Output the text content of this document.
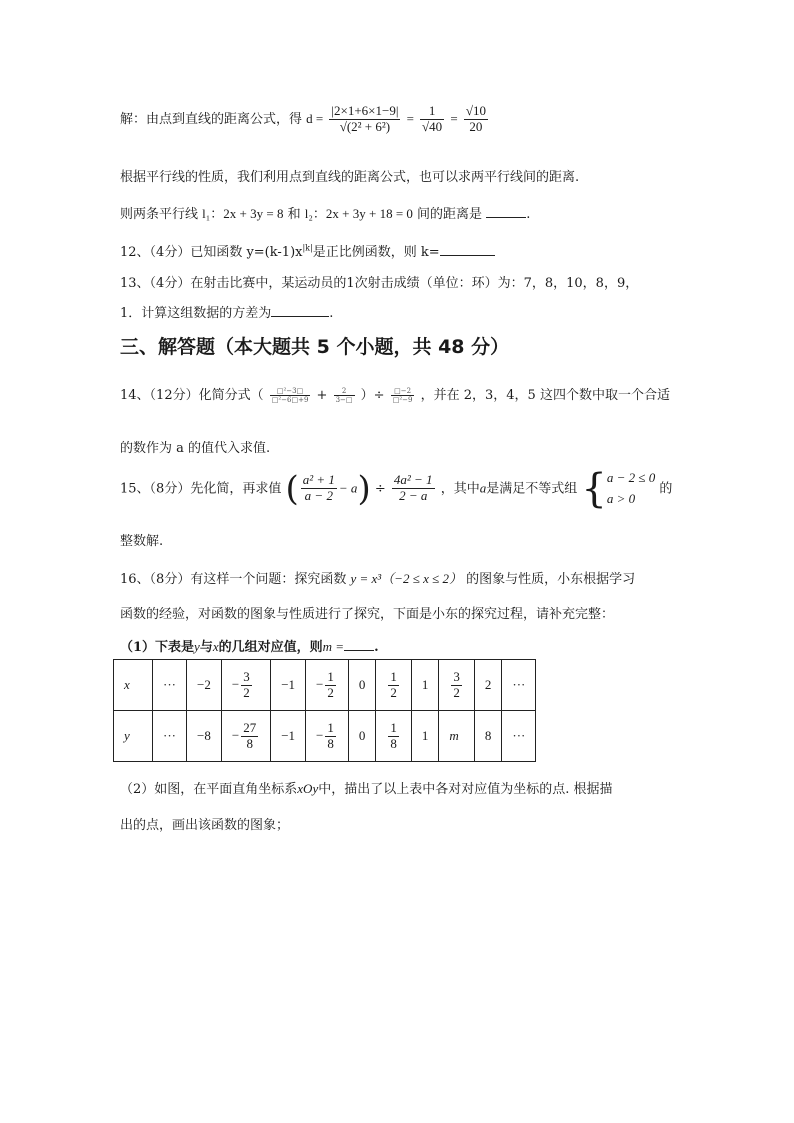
解：由点到直线的距离公式，得 $d = \frac{|2\times 1+6\times 1-9|}{\text{√(2² + 6²)}} = \frac{1}{√40} = \frac{√10}{20}$
根据平行线的性质，我们利用点到直线的距离公式，也可以求两平行线间的距离.
则两条平行线 l₁：2x + 3y = 8 和 l₂：2x + 3y + 18 = 0 间的距离是	.
12、（4分）已知函数 $y=(k-1)x^{|k|}$是正比例函数，则 k=
13、（4分）在射击比赛中，某运动员的1次射击成绩（单位：环）为：7，8，10，8，9，
1．计算这组数据的方差为	.
三、解答题（本大题共 5 个小题，共 48 分）
14、（12分）化简分式（ $\frac{\text{□²−3□}}{\text{□²−6□+9}} + \frac{2}{3-□}$ ）÷ $\frac{□-2}{\text{□²−9}}$ ，并在 2，3，4，5 这四个数中取一个合适
的数作为 a 的值代入求值.
15、（8分）先化简，再求值 ( $\frac{\text{a² + 1}}{a - 2} - a) \div \frac{\text{4a² − 1}}{2 - a}$ ，其中a是满足不等式组 { a − 2 ≤ 0
a > 0
的
整数解.
16、（8分）有这样一个问题：探究函数 y = x³（−2 ≤ x ≤ 2） 的图象与性质，小东根据学习
函数的经验，对函数的图象与性质进行了探究，下面是小东的探究过程，请补充完整：
（1）下表是y与x的几组对应值，则m = .
x	···	−2	− $\frac{3}{2}$	−1	− $\frac{1}{2}$	0	$\frac{1}{2}$	1	$\frac{3}{2}$	2	···
y	···	−8	− $\frac{27}{8}$	−1	− $\frac{1}{8}$	0	$\frac{1}{8}$	1	m	8	···
（2）如图，在平面直角坐标系xOy中，描出了以上表中各对对应值为坐标的点. 根据描
出的点，画出该函数的图象；
